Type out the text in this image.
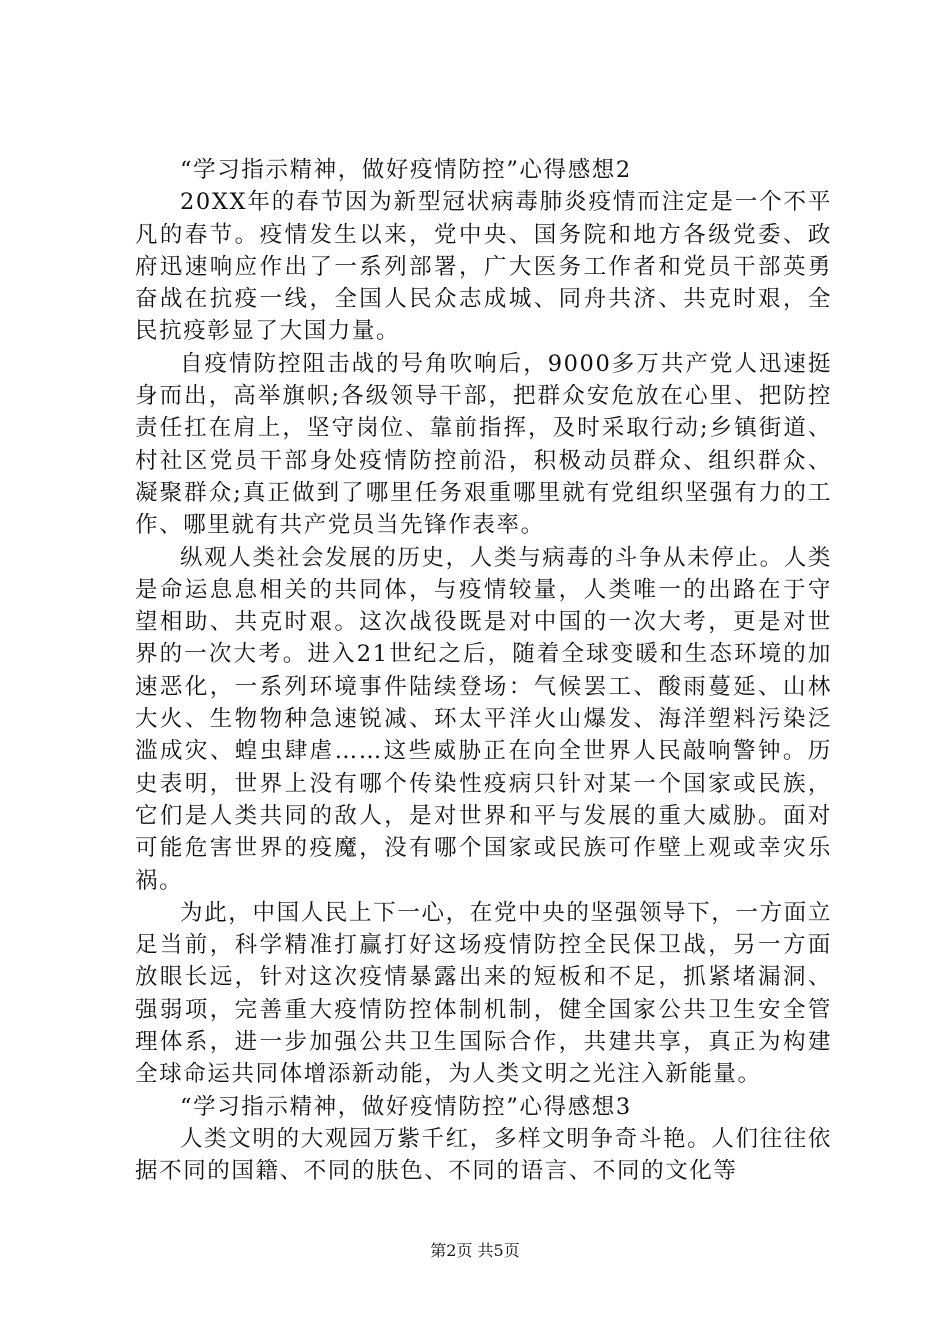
“学习指示精神，做好疫情防控”心得感想2

20XX年的春节因为新型冠状病毒肺炎疫情而注定是一个不平凡的春节。疫情发生以来，党中央、国务院和地方各级党委、政府迅速响应作出了一系列部署，广大医务工作者和党员干部英勇奋战在抗疫一线，全国人民众志成城、同舟共济、共克时艰，全民抗疫彰显了大国力量。

自疫情防控阻击战的号角吹响后，9000多万共产党人迅速挺身而出，高举旗帜;各级领导干部，把群众安危放在心里、把防控责任扛在肩上，坚守岗位、靠前指挥，及时采取行动;乡镇街道、村社区党员干部身处疫情防控前沿，积极动员群众、组织群众、凝聚群众;真正做到了哪里任务艰重哪里就有党组织坚强有力的工作、哪里就有共产党员当先锋作表率。

纵观人类社会发展的历史，人类与病毒的斗争从未停止。人类是命运息息相关的共同体，与疫情较量，人类唯一的出路在于守望相助、共克时艰。这次战役既是对中国的一次大考，更是对世界的一次大考。进入21世纪之后，随着全球变暖和生态环境的加速恶化，一系列环境事件陆续登场：气候罢工、酸雨蔓延、山林大火、生物物种急速锐减、环太平洋火山爆发、海洋塑料污染泛滥成灾、蝗虫肆虐……这些威胁正在向全世界人民敲响警钟。历史表明，世界上没有哪个传染性疫病只针对某一个国家或民族，它们是人类共同的敌人，是对世界和平与发展的重大威胁。面对可能危害世界的疫魔，没有哪个国家或民族可作壁上观或幸灾乐祸。

为此，中国人民上下一心，在党中央的坚强领导下，一方面立足当前，科学精准打赢打好这场疫情防控全民保卫战，另一方面放眼长远，针对这次疫情暴露出来的短板和不足，抓紧堵漏洞、强弱项，完善重大疫情防控体制机制，健全国家公共卫生安全管理体系，进一步加强公共卫生国际合作，共建共享，真正为构建全球命运共同体增添新动能，为人类文明之光注入新能量。

“学习指示精神，做好疫情防控”心得感想3

人类文明的大观园万紫千红，多样文明争奇斗艳。人们往往依据不同的国籍、不同的肤色、不同的语言、不同的文化等

第2页 共5页
